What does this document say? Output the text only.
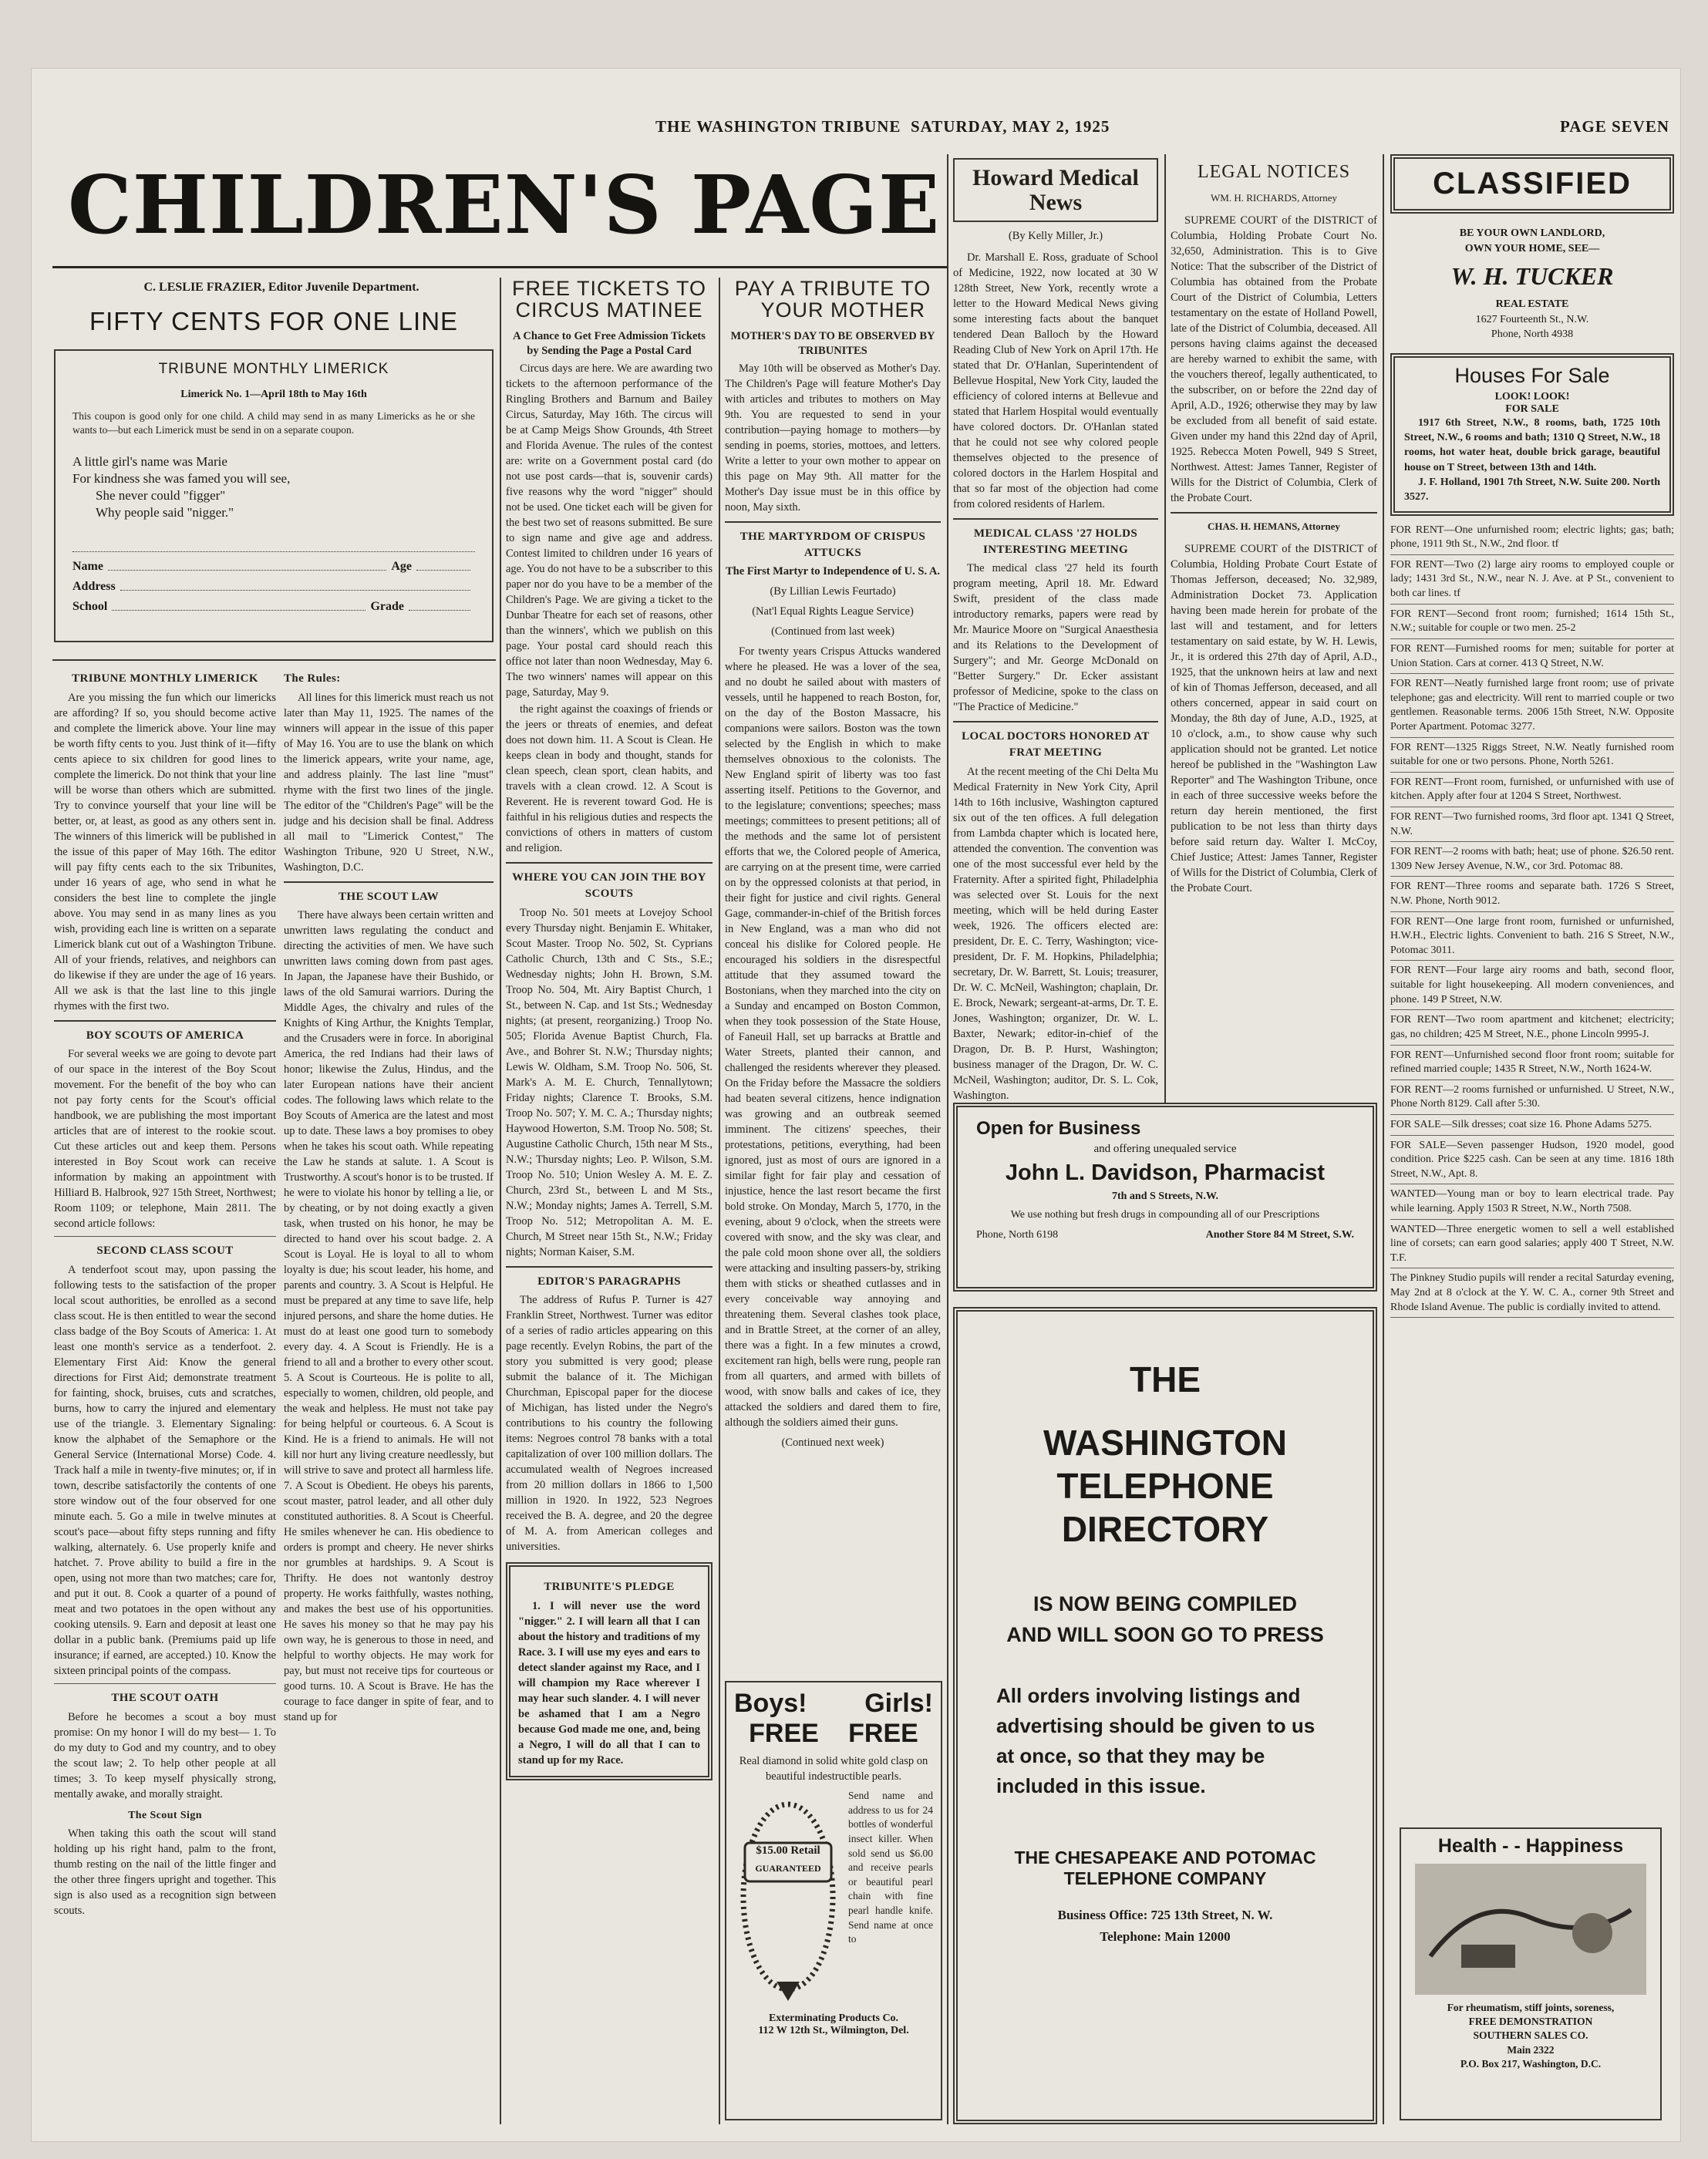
THE WASHINGTON TRIBUNE SATURDAY, MAY 2, 1925	PAGE SEVEN
CHILDREN'S PAGE
C. LESLIE FRAZIER, Editor Juvenile Department.
FIFTY CENTS FOR ONE LINE
TRIBUNE MONTHLY LIMERICK
Limerick No. 1—April 18th to May 16th
This coupon is good only for one child. A child may send in as many Limericks as he or she wants to—but each Limerick must be send in on a separate coupon.
A little girl's name was Marie
For kindness she was famed you will see,
She never could "figger"
Why people said "nigger."
Name	Age
Address
School	Grade
TRIBUNE MONTHLY LIMERICK

Are you missing the fun which our limericks are affording? If so, you should become active and complete the limerick above. Your line may be worth fifty cents to you. Just think of it—fifty cents apiece to six children for good lines to complete the limerick. Do not think that your line will be worse than others which are submitted. Try to convince yourself that your line will be better, or, at least, as good as any others sent in. The winners of this limerick will be published in the issue of this paper of May 16th. The editor will pay fifty cents each to the six Tribunites, under 16 years of age, who send in what he considers the best line to complete the jingle above. You may send in as many lines as you wish, providing each line is written on a separate Limerick blank cut out of a Washington Tribune. All of your friends, relatives, and neighbors can do likewise if they are under the age of 16 years. All we ask is that the last line to this jingle rhymes with the first two.

BOY SCOUTS OF AMERICA

For several weeks we are going to devote part of our space in the interest of the Boy Scout movement. For the benefit of the boy who can not pay forty cents for the Scout's official handbook, we are publishing the most important articles that are of interest to the rookie scout. Cut these articles out and keep them. Persons interested in Boy Scout work can receive information by making an appointment with Hilliard B. Halbrook, 927 15th Street, Northwest; Room 1109; or telephone, Main 2811. The second article follows:

SECOND CLASS SCOUT

A tenderfoot scout may, upon passing the following tests to the satisfaction of the proper local scout authorities, be enrolled as a second class scout. He is then entitled to wear the second class badge of the Boy Scouts of America: 1. At least one month's service as a tenderfoot. 2. Elementary First Aid: Know the general directions for First Aid; demonstrate treatment for fainting, shock, bruises, cuts and scratches, burns, how to carry the injured and elementary use of the triangle. 3. Elementary Signaling: know the alphabet of the Semaphore or the General Service (International Morse) Code. 4. Track half a mile in twenty-five minutes; or, if in town, describe satisfactorily the contents of one store window out of the four observed for one minute each. 5. Go a mile in twelve minutes at scout's pace—about fifty steps running and fifty walking, alternately. 6. Use properly knife and hatchet. 7. Prove ability to build a fire in the open, using not more than two matches; care for, and put it out. 8. Cook a quarter of a pound of meat and two potatoes in the open without any cooking utensils. 9. Earn and deposit at least one dollar in a public bank. (Premiums paid up life insurance; if earned, are accepted.) 10. Know the sixteen principal points of the compass.

THE SCOUT OATH

Before he becomes a scout a boy must promise: On my honor I will do my best— 1. To do my duty to God and my country, and to obey the scout law; 2. To help other people at all times; 3. To keep myself physically strong, mentally awake, and morally straight.

The Scout Sign

When taking this oath the scout will stand holding up his right hand, palm to the front, thumb resting on the nail of the little finger and the other three fingers upright and together. This sign is also used as a recognition sign between scouts.

The Rules:

All lines for this limerick must reach us not later than May 11, 1925. The names of the winners will appear in the issue of this paper of May 16. You are to use the blank on which the limerick appears, write your name, age, and address plainly. The last line "must" rhyme with the first two lines of the jingle. The editor of the "Children's Page" will be the judge and his decision shall be final. Address all mail to "Limerick Contest," The Washington Tribune, 920 U Street, N.W., Washington, D.C.

THE SCOUT LAW

There have always been certain written and unwritten laws regulating the conduct and directing the activities of men. We have such unwritten laws coming down from past ages. In Japan, the Japanese have their Bushido, or laws of the old Samurai warriors. During the Middle Ages, the chivalry and rules of the Knights of King Arthur, the Knights Templar, and the Crusaders were in force. In aboriginal America, the red Indians had their laws of honor; likewise the Zulus, Hindus, and the later European nations have their ancient codes. The following laws which relate to the Boy Scouts of America are the latest and most up to date. These laws a boy promises to obey when he takes his scout oath. While repeating the Law he stands at salute. 1. A Scout is Trustworthy. A scout's honor is to be trusted. If he were to violate his honor by telling a lie, or by cheating, or by not doing exactly a given task, when trusted on his honor, he may be directed to hand over his scout badge. 2. A Scout is Loyal. He is loyal to all to whom loyalty is due; his scout leader, his home, and parents and country. 3. A Scout is Helpful. He must be prepared at any time to save life, help injured persons, and share the home duties. He must do at least one good turn to somebody every day. 4. A Scout is Friendly. He is a friend to all and a brother to every other scout. 5. A Scout is Courteous. He is polite to all, especially to women, children, old people, and the weak and helpless. He must not take pay for being helpful or courteous. 6. A Scout is Kind. He is a friend to animals. He will not kill nor hurt any living creature needlessly, but will strive to save and protect all harmless life. 7. A Scout is Obedient. He obeys his parents, scout master, patrol leader, and all other duly constituted authorities. 8. A Scout is Cheerful. He smiles whenever he can. His obedience to orders is prompt and cheery. He never shirks nor grumbles at hardships. 9. A Scout is Thrifty. He does not wantonly destroy property. He works faithfully, wastes nothing, and makes the best use of his opportunities. He saves his money so that he may pay his own way, he is generous to those in need, and helpful to worthy objects. He may work for pay, but must not receive tips for courteous or good turns. 10. A Scout is Brave. He has the courage to face danger in spite of fear, and to stand up for

FREE TICKETS TO
CIRCUS MATINEE
A Chance to Get Free Admission Tickets by Sending the Page a Postal Card

Circus days are here. We are awarding two tickets to the afternoon performance of the Ringling Brothers and Barnum and Bailey Circus, Saturday, May 16th. The circus will be at Camp Meigs Show Grounds, 4th Street and Florida Avenue. The rules of the contest are: write on a Government postal card (do not use post cards—that is, souvenir cards) five reasons why the word "nigger" should not be used. One ticket each will be given for the best two set of reasons submitted. Be sure to sign name and give age and address. Contest limited to children under 16 years of age. You do not have to be a subscriber to this paper nor do you have to be a member of the Children's Page. We are giving a ticket to the Dunbar Theatre for each set of reasons, other than the winners', which we publish on this page. Your postal card should reach this office not later than noon Wednesday, May 6. The two winners' names will appear on this page, Saturday, May 9.

the right against the coaxings of friends or the jeers or threats of enemies, and defeat does not down him. 11. A Scout is Clean. He keeps clean in body and thought, stands for clean speech, clean sport, clean habits, and travels with a clean crowd. 12. A Scout is Reverent. He is reverent toward God. He is faithful in his religious duties and respects the convictions of others in matters of custom and religion.

WHERE YOU CAN JOIN THE BOY SCOUTS

Troop No. 501 meets at Lovejoy School every Thursday night. Benjamin E. Whitaker, Scout Master. Troop No. 502, St. Cyprians Catholic Church, 13th and C Sts., S.E.; Wednesday nights; John H. Brown, S.M. Troop No. 504, Mt. Airy Baptist Church, 1 St., between N. Cap. and 1st Sts.; Wednesday nights; (at present, reorganizing.) Troop No. 505; Florida Avenue Baptist Church, Fla. Ave., and Bohrer St. N.W.; Thursday nights; Lewis W. Oldham, S.M. Troop No. 506, St. Mark's A. M. E. Church, Tennallytown; Friday nights; Clarence T. Brooks, S.M. Troop No. 507; Y. M. C. A.; Thursday nights; Haywood Howerton, S.M. Troop No. 508; St. Augustine Catholic Church, 15th near M Sts., N.W.; Thursday nights; Leo. P. Wilson, S.M. Troop No. 510; Union Wesley A. M. E. Z. Church, 23rd St., between L and M Sts., N.W.; Monday nights; James A. Terrell, S.M. Troop No. 512; Metropolitan A. M. E. Church, M Street near 15th St., N.W.; Friday nights; Norman Kaiser, S.M.

EDITOR'S PARAGRAPHS

The address of Rufus P. Turner is 427 Franklin Street, Northwest. Turner was editor of a series of radio articles appearing on this page recently. Evelyn Robins, the part of the story you submitted is very good; please submit the balance of it. The Michigan Churchman, Episcopal paper for the diocese of Michigan, has listed under the Negro's contributions to his country the following items: Negroes control 78 banks with a total capitalization of over 100 million dollars. The accumulated wealth of Negroes increased from 20 million dollars in 1866 to 1,500 million in 1920. In 1922, 523 Negroes received the B. A. degree, and 20 the degree of M. A. from American colleges and universities.

TRIBUNITE'S PLEDGE

1. I will never use the word "nigger." 2. I will learn all that I can about the history and traditions of my Race. 3. I will use my eyes and ears to detect slander against my Race, and I will champion my Race wherever I may hear such slander. 4. I will never be ashamed that I am a Negro because God made me one, and, being a Negro, I will do all that I can to stand up for my Race.

PAY A TRIBUTE TO
YOUR MOTHER
MOTHER'S DAY TO BE OBSERVED BY TRIBUNITES

May 10th will be observed as Mother's Day. The Children's Page will feature Mother's Day with articles and tributes to mothers on May 9th. You are requested to send in your contribution—paying homage to mothers—by sending in poems, stories, mottoes, and letters. Write a letter to your own mother to appear on this page on May 9th. All matter for the Mother's Day issue must be in this office by noon, May sixth.

THE MARTYRDOM OF CRISPUS ATTUCKS
The First Martyr to Independence of U. S. A.
(By Lillian Lewis Feurtado)
(Nat'l Equal Rights League Service)
(Continued from last week)

For twenty years Crispus Attucks wandered where he pleased. He was a lover of the sea, and no doubt he sailed about with masters of vessels, until he happened to reach Boston, for, on the day of the Boston Massacre, his companions were sailors. Boston was the town selected by the English in which to make themselves obnoxious to the colonists. The New England spirit of liberty was too fast asserting itself. Petitions to the Governor, and to the legislature; conventions; speeches; mass meetings; committees to present petitions; all of the methods and the same lot of persistent efforts that we, the Colored people of America, are carrying on at the present time, were carried on by the oppressed colonists at that period, in their fight for justice and civil rights. General Gage, commander-in-chief of the British forces in New England, was a man who did not conceal his dislike for Colored people. He encouraged his soldiers in the disrespectful attitude that they assumed toward the Bostonians, when they marched into the city on a Sunday and encamped on Boston Common, when they took possession of the State House, of Faneuil Hall, set up barracks at Brattle and Water Streets, planted their cannon, and challenged the residents wherever they pleased. On the Friday before the Massacre the soldiers had beaten several citizens, hence indignation was growing and an outbreak seemed imminent. The citizens' speeches, their protestations, petitions, everything, had been ignored, just as most of ours are ignored in a similar fight for fair play and cessation of injustice, hence the last resort became the first bold stroke. On Monday, March 5, 1770, in the evening, about 9 o'clock, when the streets were covered with snow, and the sky was clear, and the pale cold moon shone over all, the soldiers were attacking and insulting passers-by, striking them with sticks or sheathed cutlasses and in every conceivable way annoying and threatening them. Several clashes took place, and in Brattle Street, at the corner of an alley, there was a fight. In a few minutes a crowd, excitement ran high, bells were rung, people ran from all quarters, and armed with billets of wood, with snow balls and cakes of ice, they attacked the soldiers and dared them to fire, although the soldiers aimed their guns.

(Continued next week)
Boys! Girls!
FREE FREE
Real diamond in solid white gold clasp on beautiful indestructible pearls.
$15.00 Retail
GUARANTEED
Send name and address to us for 24 bottles of wonderful insect killer. When sold send us $6.00 and receive pearls or beautiful pearl chain with fine pearl handle knife. Send name at once to
Exterminating Products Co.
112 W 12th St., Wilmington, Del.
Howard Medical News
(By Kelly Miller, Jr.)

Dr. Marshall E. Ross, graduate of School of Medicine, 1922, now located at 30 W 128th Street, New York, recently wrote a letter to the Howard Medical News giving some interesting facts about the banquet tendered Dean Balloch by the Howard Reading Club of New York on April 17th. He stated that Dr. O'Hanlan, Superintendent of Bellevue Hospital, New York City, lauded the efficiency of colored interns at Bellevue and stated that Harlem Hospital would eventually have colored doctors. Dr. O'Hanlan stated that he could not see why colored people themselves objected to the presence of colored doctors in the Harlem Hospital and that so far most of the objection had come from colored residents of Harlem.

MEDICAL CLASS '27 HOLDS INTERESTING MEETING

The medical class '27 held its fourth program meeting, April 18. Mr. Edward Swift, president of the class made introductory remarks, papers were read by Mr. Maurice Moore on "Surgical Anaesthesia and its Relations to the Development of Surgery"; and Mr. George McDonald on "Better Surgery." Dr. Ecker assistant professor of Medicine, spoke to the class on "The Practice of Medicine."

LOCAL DOCTORS HONORED AT FRAT MEETING

At the recent meeting of the Chi Delta Mu Medical Fraternity in New York City, April 14th to 16th inclusive, Washington captured six out of the ten offices. A full delegation from Lambda chapter which is located here, attended the convention. The convention was one of the most successful ever held by the Fraternity. After a spirited fight, Philadelphia was selected over St. Louis for the next meeting, which will be held during Easter week, 1926. The officers elected are: president, Dr. E. C. Terry, Washington; vice-president, Dr. F. M. Hopkins, Philadelphia; secretary, Dr. W. Barrett, St. Louis; treasurer, Dr. W. C. McNeil, Washington; chaplain, Dr. E. Brock, Newark; sergeant-at-arms, Dr. T. E. Jones, Washington; organizer, Dr. W. L. Baxter, Newark; editor-in-chief of the Dragon, Dr. B. P. Hurst, Washington; business manager of the Dragon, Dr. W. C. McNeil, Washington; auditor, Dr. S. L. Cok, Washington.

LEGAL NOTICES
WM. H. RICHARDS, Attorney

SUPREME COURT of the DISTRICT of Columbia, Holding Probate Court No. 32,650, Administration. This is to Give Notice: That the subscriber of the District of Columbia has obtained from the Probate Court of the District of Columbia, Letters testamentary on the estate of Holland Powell, late of the District of Columbia, deceased. All persons having claims against the deceased are hereby warned to exhibit the same, with the vouchers thereof, legally authenticated, to the subscriber, on or before the 22nd day of April, A.D., 1926; otherwise they may by law be excluded from all benefit of said estate. Given under my hand this 22nd day of April, 1925. Rebecca Moten Powell, 949 S Street, Northwest. Attest: James Tanner, Register of Wills for the District of Columbia, Clerk of the Probate Court.

CHAS. H. HEMANS, Attorney

SUPREME COURT of the DISTRICT of Columbia, Holding Probate Court Estate of Thomas Jefferson, deceased; No. 32,989, Administration Docket 73. Application having been made herein for probate of the last will and testament, and for letters testamentary on said estate, by W. H. Lewis, Jr., it is ordered this 27th day of April, A.D., 1925, that the unknown heirs at law and next of kin of Thomas Jefferson, deceased, and all others concerned, appear in said court on Monday, the 8th day of June, A.D., 1925, at 10 o'clock, a.m., to show cause why such application should not be granted. Let notice hereof be published in the "Washington Law Reporter" and The Washington Tribune, once in each of three successive weeks before the return day herein mentioned, the first publication to be not less than thirty days before said return day. Walter I. McCoy, Chief Justice; Attest: James Tanner, Register of Wills for the District of Columbia, Clerk of the Probate Court.

Open for Business
and offering unequaled service
John L. Davidson, Pharmacist
7th and S Streets, N.W.
We use nothing but fresh drugs in compounding all of our Prescriptions
Phone, North 6198	Another Store 84 M Street, S.W.
THE
WASHINGTON
TELEPHONE
DIRECTORY
IS NOW BEING COMPILED
AND WILL SOON GO TO PRESS
All orders involving listings and advertising should be given to us at once, so that they may be included in this issue.
THE CHESAPEAKE AND POTOMAC
TELEPHONE COMPANY
Business Office: 725 13th Street, N. W.
Telephone: Main 12000
CLASSIFIED
BE YOUR OWN LANDLORD,
OWN YOUR HOME, SEE—
W. H. TUCKER
REAL ESTATE
1627 Fourteenth St., N.W.
Phone, North 4938
Houses For Sale
LOOK! LOOK!
FOR SALE
1917 6th Street, N.W., 8 rooms, bath, 1725 10th Street, N.W., 6 rooms and bath; 1310 Q Street, N.W., 18 rooms, hot water heat, double brick garage, beautiful house on T Street, between 13th and 14th.
J. F. Holland, 1901 7th Street, N.W. Suite 200. North 3527.

FOR RENT—One unfurnished room; electric lights; gas; bath; phone, 1911 9th St., N.W., 2nd floor. tf

FOR RENT—Two (2) large airy rooms to employed couple or lady; 1431 3rd St., N.W., near N. J. Ave. at P St., convenient to both car lines. tf

FOR RENT—Second front room; furnished; 1614 15th St., N.W.; suitable for couple or two men. 25-2

FOR RENT—Furnished rooms for men; suitable for porter at Union Station. Cars at corner. 413 Q Street, N.W.

FOR RENT—Neatly furnished large front room; use of private telephone; gas and electricity. Will rent to married couple or two gentlemen. Reasonable terms. 2006 15th Street, N.W. Opposite Porter Apartment. Potomac 3277.

FOR RENT—1325 Riggs Street, N.W. Neatly furnished room suitable for one or two persons. Phone, North 5261.

FOR RENT—Front room, furnished, or unfurnished with use of kitchen. Apply after four at 1204 S Street, Northwest.

FOR RENT—Two furnished rooms, 3rd floor apt. 1341 Q Street, N.W.

FOR RENT—2 rooms with bath; heat; use of phone. $26.50 rent. 1309 New Jersey Avenue, N.W., cor 3rd. Potomac 88.

FOR RENT—Three rooms and separate bath. 1726 S Street, N.W. Phone, North 9012.

FOR RENT—One large front room, furnished or unfurnished, H.W.H., Electric lights. Convenient to bath. 216 S Street, N.W., Potomac 3011.

FOR RENT—Four large airy rooms and bath, second floor, suitable for light housekeeping. All modern conveniences, and phone. 149 P Street, N.W.

FOR RENT—Two room apartment and kitchenet; electricity; gas, no children; 425 M Street, N.E., phone Lincoln 9995-J.

FOR RENT—Unfurnished second floor front room; suitable for refined married couple; 1435 R Street, N.W., North 1624-W.

FOR RENT—2 rooms furnished or unfurnished. U Street, N.W., Phone North 8129. Call after 5:30.

FOR SALE—Silk dresses; coat size 16. Phone Adams 5275.

FOR SALE—Seven passenger Hudson, 1920 model, good condition. Price $225 cash. Can be seen at any time. 1816 18th Street, N.W., Apt. 8.

WANTED—Young man or boy to learn electrical trade. Pay while learning. Apply 1503 R Street, N.W., North 7508.

WANTED—Three energetic women to sell a well established line of corsets; can earn good salaries; apply 400 T Street, N.W. T.F.

The Pinkney Studio pupils will render a recital Saturday evening, May 2nd at 8 o'clock at the Y. W. C. A., corner 9th Street and Rhode Island Avenue. The public is cordially invited to attend.

Health - - Happiness
For rheumatism, stiff joints, soreness,
FREE DEMONSTRATION
SOUTHERN SALES CO.
Main 2322
P.O. Box 217, Washington, D.C.
